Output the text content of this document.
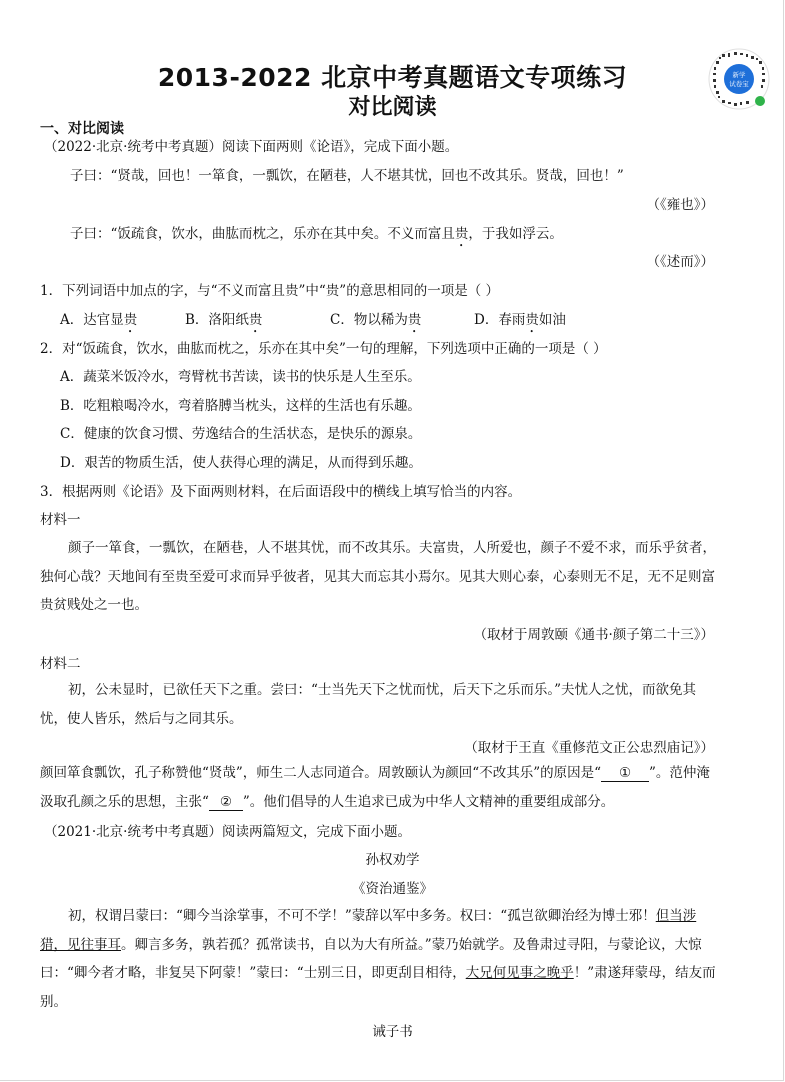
2013-2022 北京中考真题语文专项练习
对比阅读
新学
试卷宝
一、对比阅读
（2022·北京·统考中考真题）阅读下面两则《论语》，完成下面小题。
子曰：“贤哉，回也！一箪食，一瓢饮，在陋巷，人不堪其忧，回也不改其乐。贤哉，回也！”
（《雍也》）
子曰：“饭疏食，饮水，曲肱而枕之，乐亦在其中矣。不义而富且贵，于我如浮云。
（《述而》）
1．下列词语中加点的字，与“不义而富且贵”中“贵”的意思相同的一项是（ ）
A．达官显贵	B．洛阳纸贵	C．物以稀为贵	D．春雨贵如油
2．对“饭疏食，饮水，曲肱而枕之，乐亦在其中矣”一句的理解，下列选项中正确的一项是（ ）
A．蔬菜米饭冷水，弯臂枕书苦读，读书的快乐是人生至乐。
B．吃粗粮喝冷水，弯着胳膊当枕头，这样的生活也有乐趣。
C．健康的饮食习惯、劳逸结合的生活状态，是快乐的源泉。
D．艰苦的物质生活，使人获得心理的满足，从而得到乐趣。
3．根据两则《论语》及下面两则材料，在后面语段中的横线上填写恰当的内容。
材料一
颜子一箪食，一瓢饮，在陋巷，人不堪其忧，而不改其乐。夫富贵，人所爱也，颜子不爱不求，而乐乎贫者，独何心哉？天地间有至贵至爱可求而异乎彼者，见其大而忘其小焉尔。见其大则心泰，心泰则无不足，无不足则富贵贫贱处之一也。
（取材于周敦颐《通书·颜子第二十三》）
材料二
初，公未显时，已欲任天下之重。尝曰：“士当先天下之忧而忧，后天下之乐而乐。”夫忧人之忧，而欲免其忧，使人皆乐，然后与之同其乐。
（取材于王直《重修范文正公忠烈庙记》）
颜回箪食瓢饮，孔子称赞他“贤哉”，师生二人志同道合。周敦颐认为颜回“不改其乐”的原因是“ ① ”。范仲淹汲取孔颜之乐的思想，主张“ ② ”。他们倡导的人生追求已成为中华人文精神的重要组成部分。
（2021·北京·统考中考真题）阅读两篇短文，完成下面小题。
孙权劝学
《资治通鉴》
初，权谓吕蒙曰：“卿今当涂掌事，不可不学！”蒙辞以军中多务。权曰：“孤岂欲卿治经为博士邪！但当涉猎，见往事耳。卿言多务，孰若孤？孤常读书，自以为大有所益。”蒙乃始就学。及鲁肃过寻阳，与蒙论议，大惊曰：“卿今者才略，非复吴下阿蒙！”蒙曰：“士别三日，即更刮目相待，大兄何见事之晚乎！”肃遂拜蒙母，结友而别。
诫子书
